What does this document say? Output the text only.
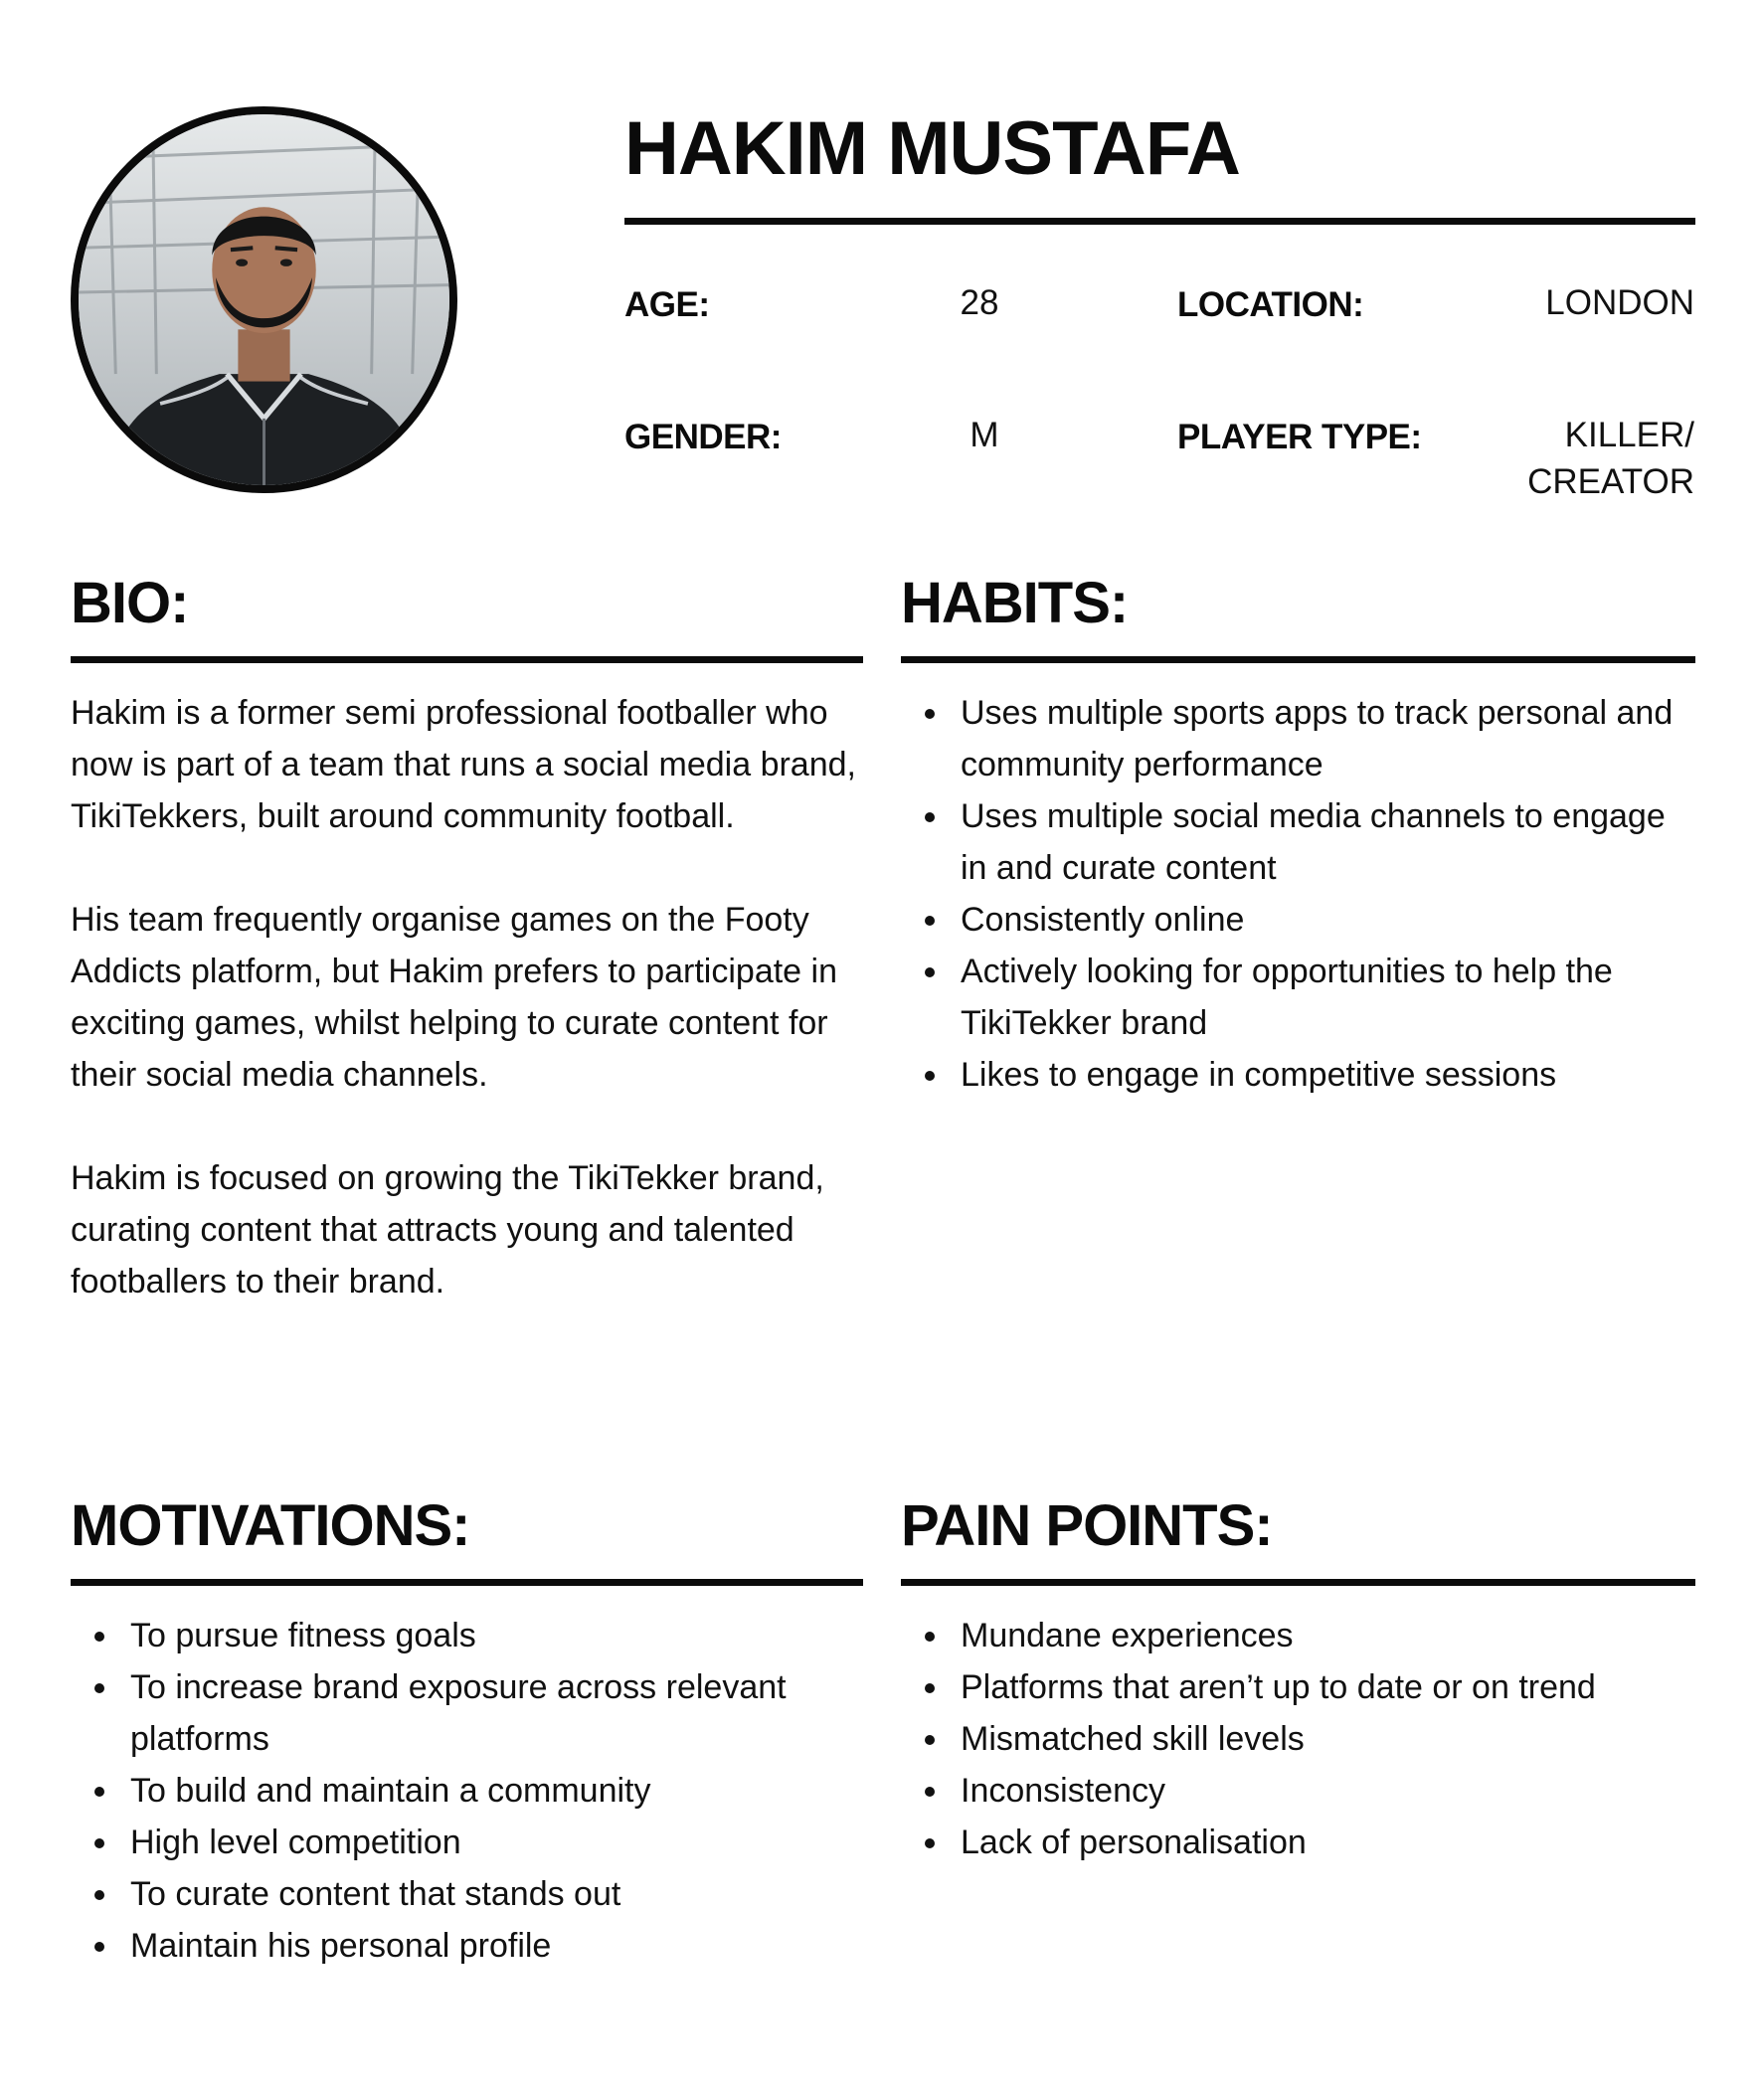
HAKIM MUSTAFA
AGE:	28	LOCATION:	LONDON
GENDER:	M	PLAYER TYPE:	KILLER/
CREATOR
BIO:

Hakim is a former semi professional footballer who now is part of a team that runs a social media brand, TikiTekkers, built around community football.

His team frequently organise games on the Footy Addicts platform, but Hakim prefers to participate in exciting games, whilst helping to curate content for their social media channels.

Hakim is focused on growing the TikiTekker brand, curating content that attracts young and talented footballers to their brand.

HABITS:
Uses multiple sports apps to track personal and community performance
Uses multiple social media channels to engage in and curate content
Consistently online
Actively looking for opportunities to help the TikiTekker brand
Likes to engage in competitive sessions
MOTIVATIONS:
To pursue fitness goals
To increase brand exposure across relevant platforms
To build and maintain a community
High level competition
To curate content that stands out
Maintain his personal profile
PAIN POINTS:
Mundane experiences
Platforms that aren’t up to date or on trend
Mismatched skill levels
Inconsistency
Lack of personalisation
